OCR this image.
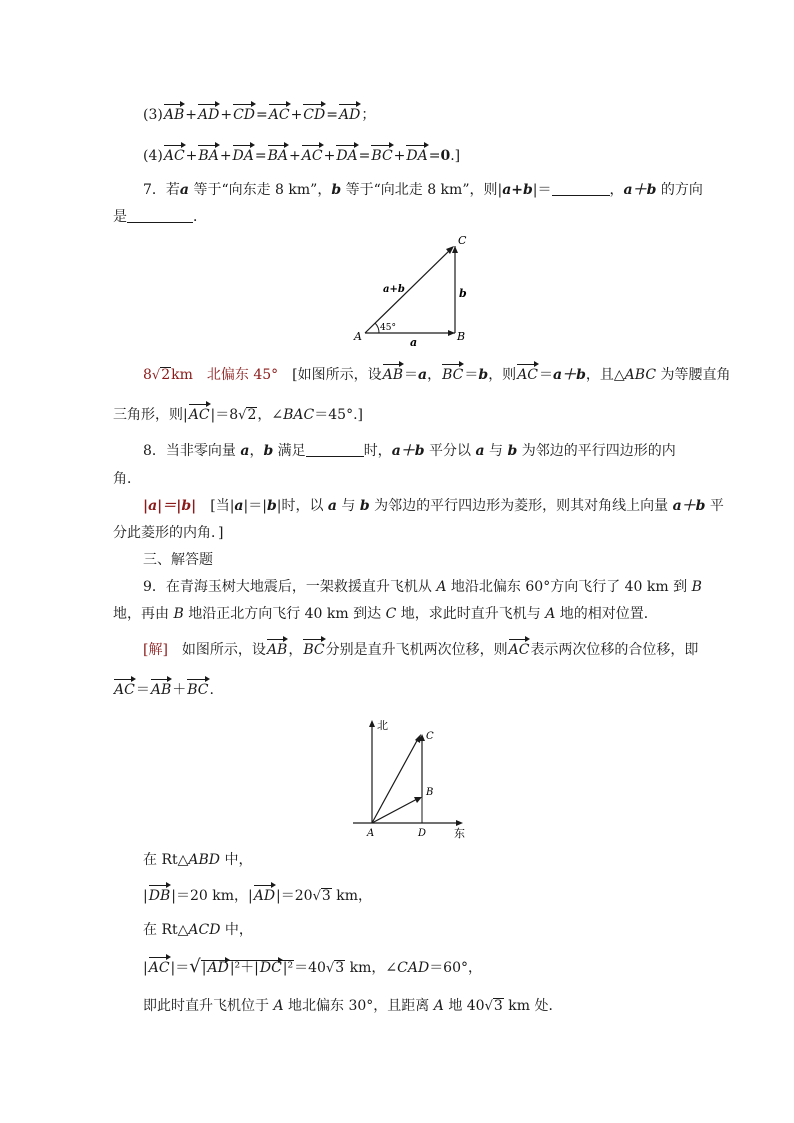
(3)AB+AD+CD=AC+CD=AD；
(4)AC+BA+DA=BA+AC+DA=BC+DA=0.]
7．若a 等于“向东走 8 km”，b 等于“向北走 8 km”，则|a+b|＝	，a＋b 的方向
是	．
C
A	B
a+b	b
a
45°
8√2km　 北偏东 45°　 [如图所示，设AB＝a，BC＝b，则AC＝a＋b，且△ABC 为等腰直角
三角形，则|AC|＝8√2，∠BAC＝45°.]
8．当非零向量 a，b 满足	时，a＋b 平分以 a 与 b 为邻边的平行四边形的内
角．
|a|＝|b|　 [当|a|＝|b|时，以 a 与 b 为邻边的平行四边形为菱形，则其对角线上向量 a＋b 平
分此菱形的内角．]
三、解答题
9．在青海玉树大地震后，一架救援直升飞机从 A 地沿北偏东 60°方向飞行了 40 km 到 B
地，再由 B 地沿正北方向飞行 40 km 到达 C 地，求此时直升飞机与 A 地的相对位置．
[解]　如图所示，设AB，BC分别是直升飞机两次位移，则AC表示两次位移的合位移，即
AC＝AB＋BC.
北
东
A
B
C
D
在 Rt△ABD 中，
|DB|＝20 km，|AD|＝20√3 km，
在 Rt△ACD 中，
|AC|＝√|AD|²＋|DC|²＝40√3 km，∠CAD＝60°，
即此时直升飞机位于 A 地北偏东 30°，且距离 A 地 40√3 km 处．
